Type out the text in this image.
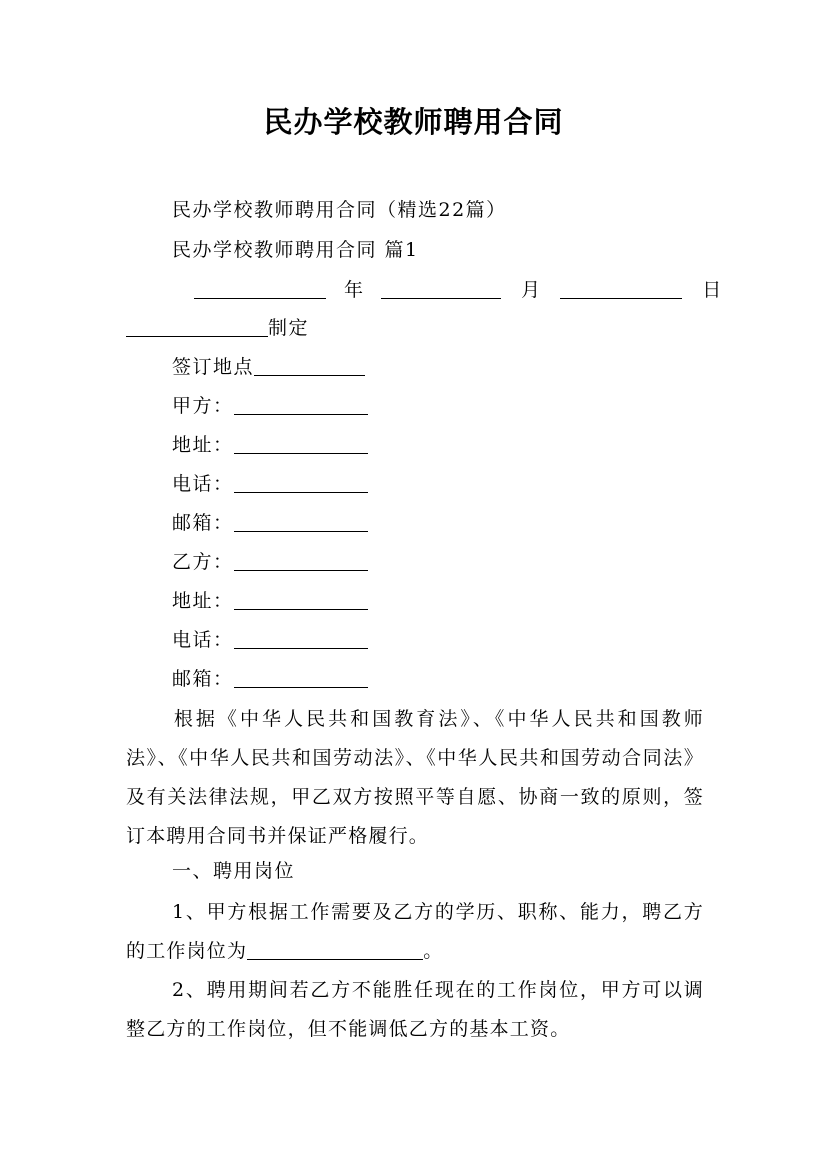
民办学校教师聘用合同
民办学校教师聘用合同（精选22篇）
民办学校教师聘用合同 篇1
年	月	日
制定
签订地点
甲方：
地址：
电话：
邮箱：
乙方：
地址：
电话：
邮箱：
根据《中华人民共和国教育法》、《中华人民共和国教师法》、《中华人民共和国劳动法》、《中华人民共和国劳动合同法》及有关法律法规，甲乙双方按照平等自愿、协商一致的原则，签订本聘用合同书并保证严格履行。
一、聘用岗位
1、甲方根据工作需要及乙方的学历、职称、能力，聘乙方的工作岗位为	。
2、聘用期间若乙方不能胜任现在的工作岗位，甲方可以调整乙方的工作岗位，但不能调低乙方的基本工资。
